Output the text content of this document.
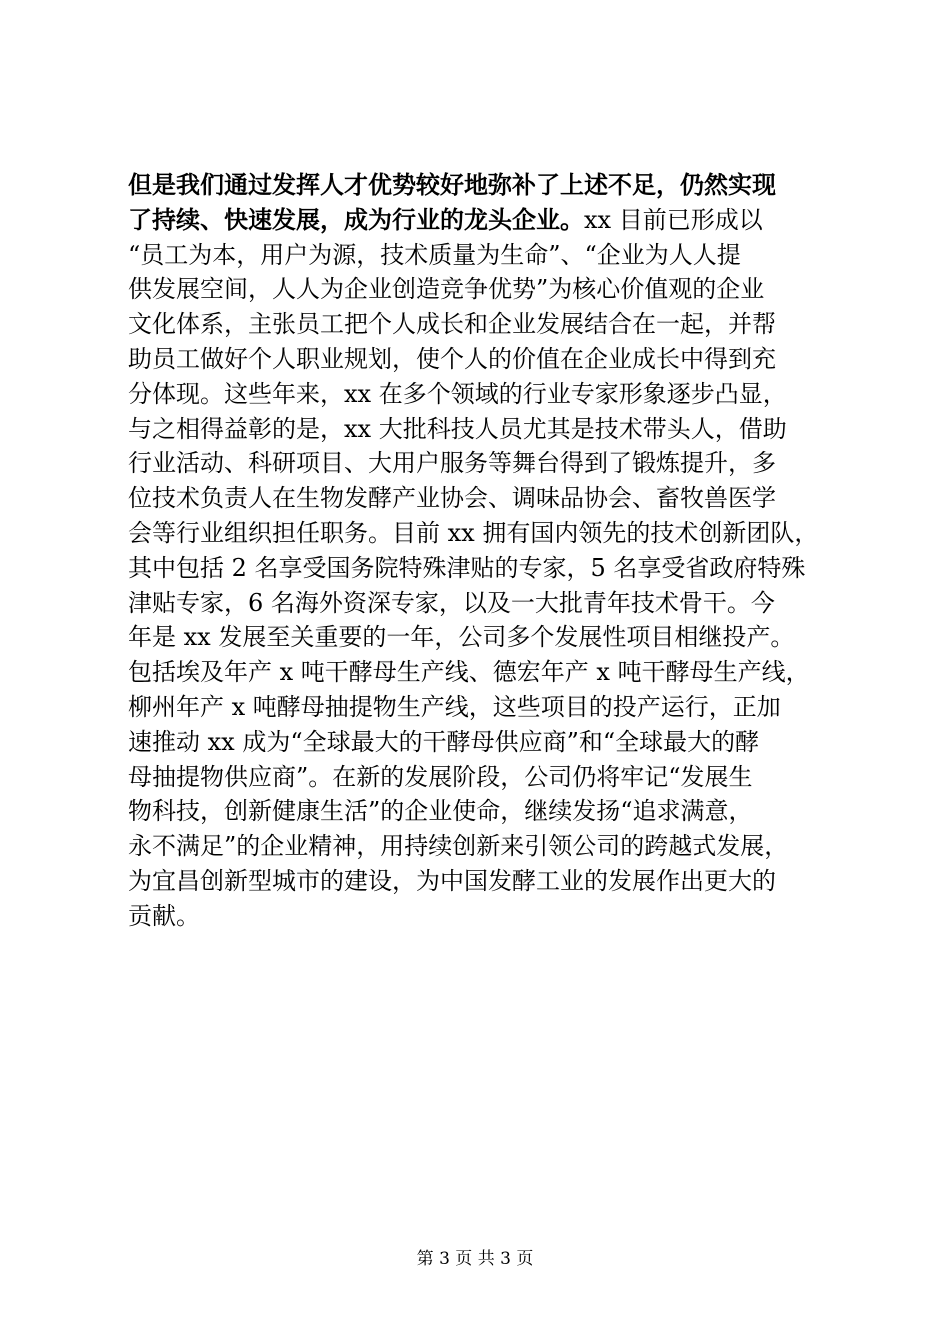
但是我们通过发挥人才优势较好地弥补了上述不足，仍然实现
了持续、快速发展，成为行业的龙头企业。xx 目前已形成以
“员工为本，用户为源，技术质量为生命”、“企业为人人提
供发展空间，人人为企业创造竞争优势”为核心价值观的企业
文化体系，主张员工把个人成长和企业发展结合在一起，并帮
助员工做好个人职业规划，使个人的价值在企业成长中得到充
分体现。这些年来，xx 在多个领域的行业专家形象逐步凸显，
与之相得益彰的是，xx 大批科技人员尤其是技术带头人，借助
行业活动、科研项目、大用户服务等舞台得到了锻炼提升，多
位技术负责人在生物发酵产业协会、调味品协会、畜牧兽医学
会等行业组织担任职务。目前 xx 拥有国内领先的技术创新团队，
其中包括 2 名享受国务院特殊津贴的专家，5 名享受省政府特殊
津贴专家，6 名海外资深专家，以及一大批青年技术骨干。今
年是 xx 发展至关重要的一年，公司多个发展性项目相继投产。
包括埃及年产 x 吨干酵母生产线、德宏年产 x 吨干酵母生产线，
柳州年产 x 吨酵母抽提物生产线，这些项目的投产运行，正加
速推动 xx 成为“全球最大的干酵母供应商”和“全球最大的酵
母抽提物供应商”。在新的发展阶段，公司仍将牢记“发展生
物科技，创新健康生活”的企业使命，继续发扬“追求满意，
永不满足”的企业精神，用持续创新来引领公司的跨越式发展，
为宜昌创新型城市的建设，为中国发酵工业的发展作出更大的
贡献。
第 3 页 共 3 页
